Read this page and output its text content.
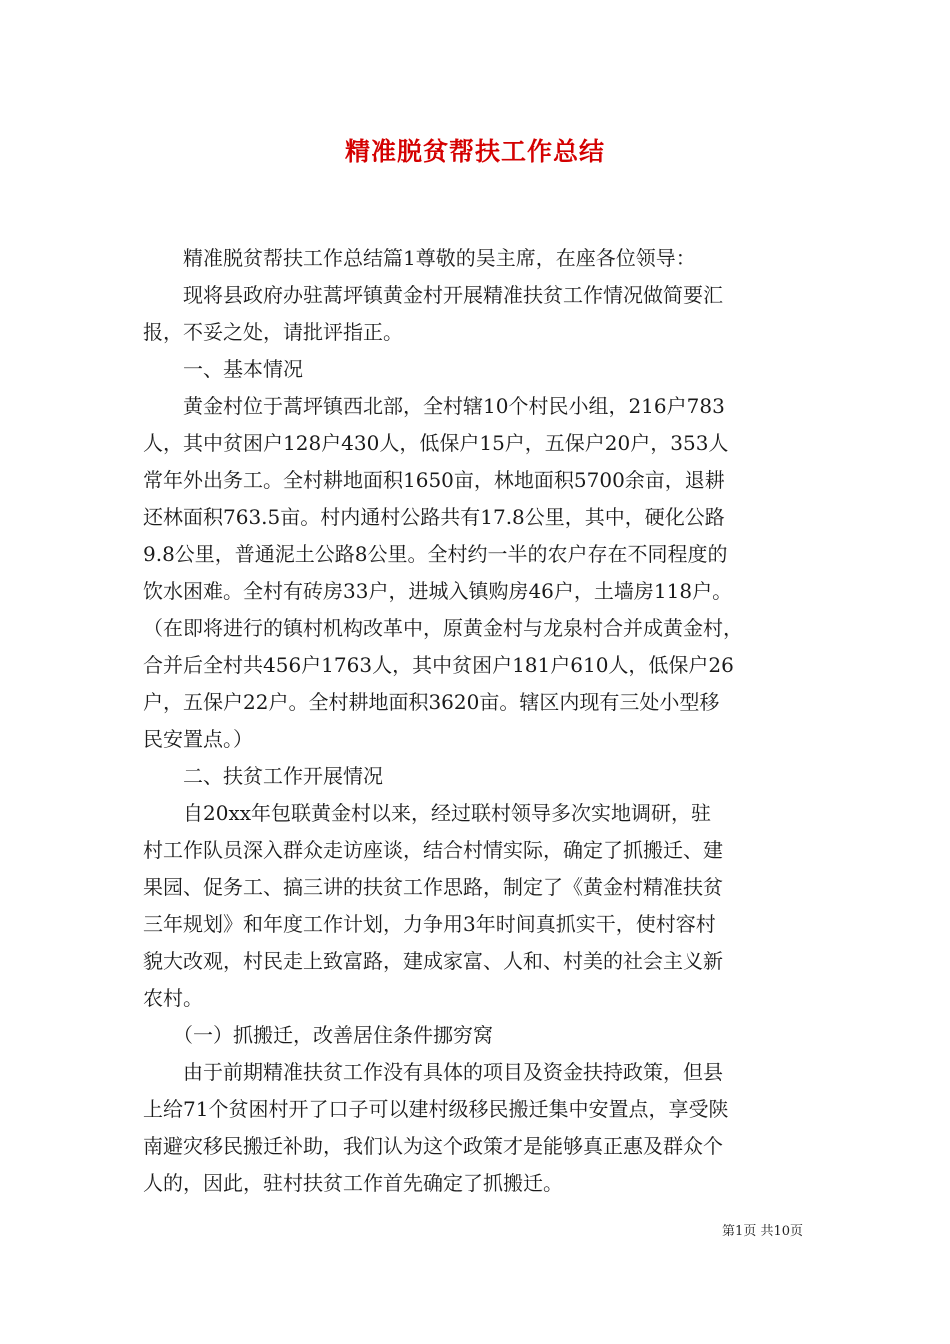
精准脱贫帮扶工作总结
　　精准脱贫帮扶工作总结篇1尊敬的吴主席，在座各位领导：
　　现将县政府办驻蒿坪镇黄金村开展精准扶贫工作情况做简要汇
报，不妥之处，请批评指正。
　　一、基本情况
　　黄金村位于蒿坪镇西北部，全村辖10个村民小组，216户783
人，其中贫困户128户430人，低保户15户，五保户20户，353人
常年外出务工。全村耕地面积1650亩，林地面积5700余亩，退耕
还林面积763.5亩。村内通村公路共有17.8公里，其中，硬化公路
9.8公里，普通泥土公路8公里。全村约一半的农户存在不同程度的
饮水困难。全村有砖房33户，进城入镇购房46户，土墙房118户。
（在即将进行的镇村机构改革中，原黄金村与龙泉村合并成黄金村，
合并后全村共456户1763人，其中贫困户181户610人，低保户26
户，五保户22户。全村耕地面积3620亩。辖区内现有三处小型移
民安置点。）
　　二、扶贫工作开展情况
　　自20xx年包联黄金村以来，经过联村领导多次实地调研，驻
村工作队员深入群众走访座谈，结合村情实际，确定了抓搬迁、建
果园、促务工、搞三讲的扶贫工作思路，制定了《黄金村精准扶贫
三年规划》和年度工作计划，力争用3年时间真抓实干，使村容村
貌大改观，村民走上致富路，建成家富、人和、村美的社会主义新
农村。
　　（一）抓搬迁，改善居住条件挪穷窝
　　由于前期精准扶贫工作没有具体的项目及资金扶持政策，但县
上给71个贫困村开了口子可以建村级移民搬迁集中安置点，享受陕
南避灾移民搬迁补助，我们认为这个政策才是能够真正惠及群众个
人的，因此，驻村扶贫工作首先确定了抓搬迁。
第1页 共10页
